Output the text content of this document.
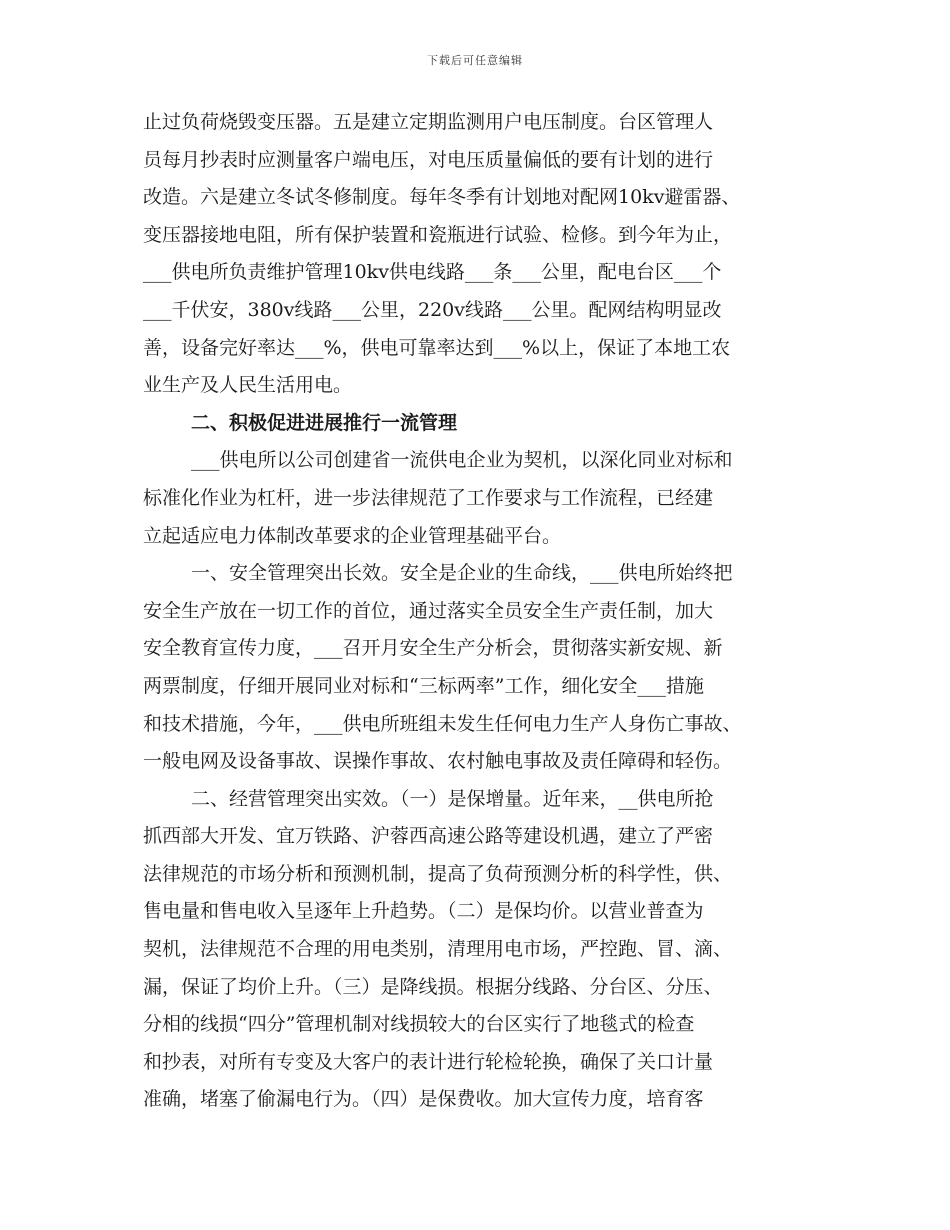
下载后可任意编辑
止过负荷烧毁变压器。五是建立定期监测用户电压制度。台区管理人
员每月抄表时应测量客户端电压，对电压质量偏低的要有计划的进行
改造。六是建立冬试冬修制度。每年冬季有计划地对配网10kv避雷器、
变压器接地电阻，所有保护装置和瓷瓶进行试验、检修。到今年为止，
___供电所负责维护管理10kv供电线路___条___公里，配电台区___个
___千伏安，380v线路___公里，220v线路___公里。配网结构明显改
善，设备完好率达___%，供电可靠率达到___%以上，保证了本地工农
业生产及人民生活用电。
二、积极促进进展推行一流管理
___供电所以公司创建省一流供电企业为契机，以深化同业对标和
标准化作业为杠杆，进一步法律规范了工作要求与工作流程，已经建
立起适应电力体制改革要求的企业管理基础平台。
一、安全管理突出长效。安全是企业的生命线，___供电所始终把
安全生产放在一切工作的首位，通过落实全员安全生产责任制，加大
安全教育宣传力度，___召开月安全生产分析会，贯彻落实新安规、新
两票制度，仔细开展同业对标和“三标两率”工作，细化安全___措施
和技术措施，今年，___供电所班组未发生任何电力生产人身伤亡事故、
一般电网及设备事故、误操作事故、农村触电事故及责任障碍和轻伤。
二、经营管理突出实效。（一）是保增量。近年来，__供电所抢
抓西部大开发、宜万铁路、沪蓉西高速公路等建设机遇，建立了严密
法律规范的市场分析和预测机制，提高了负荷预测分析的科学性，供、
售电量和售电收入呈逐年上升趋势。（二）是保均价。以营业普查为
契机，法律规范不合理的用电类别，清理用电市场，严控跑、冒、滴、
漏，保证了均价上升。（三）是降线损。根据分线路、分台区、分压、
分相的线损“四分”管理机制对线损较大的台区实行了地毯式的检查
和抄表，对所有专变及大客户的表计进行轮检轮换，确保了关口计量
准确，堵塞了偷漏电行为。（四）是保费收。加大宣传力度，培育客
